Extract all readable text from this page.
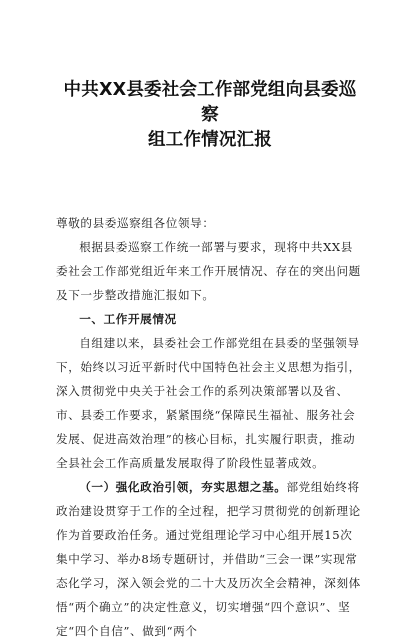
中共XX县委社会工作部党组向县委巡察
组工作情况汇报

尊敬的县委巡察组各位领导：

根据县委巡察工作统一部署与要求，现将中共XX县委社会工作部党组近年来工作开展情况、存在的突出问题及下一步整改措施汇报如下。

一、工作开展情况

自组建以来，县委社会工作部党组在县委的坚强领导下，始终以习近平新时代中国特色社会主义思想为指引，深入贯彻党中央关于社会工作的系列决策部署以及省、市、县委工作要求，紧紧围绕“保障民生福祉、服务社会发展、促进高效治理”的核心目标，扎实履行职责，推动全县社会工作高质量发展取得了阶段性显著成效。

（一）强化政治引领，夯实思想之基。部党组始终将政治建设贯穿于工作的全过程，把学习贯彻党的创新理论作为首要政治任务。通过党组理论学习中心组开展15次集中学习、举办8场专题研讨，并借助“三会一课”实现常态化学习，深入领会党的二十大及历次全会精神，深刻体悟“两个确立”的决定性意义，切实增强“四个意识”、坚定“四个自信”、做到“两个
